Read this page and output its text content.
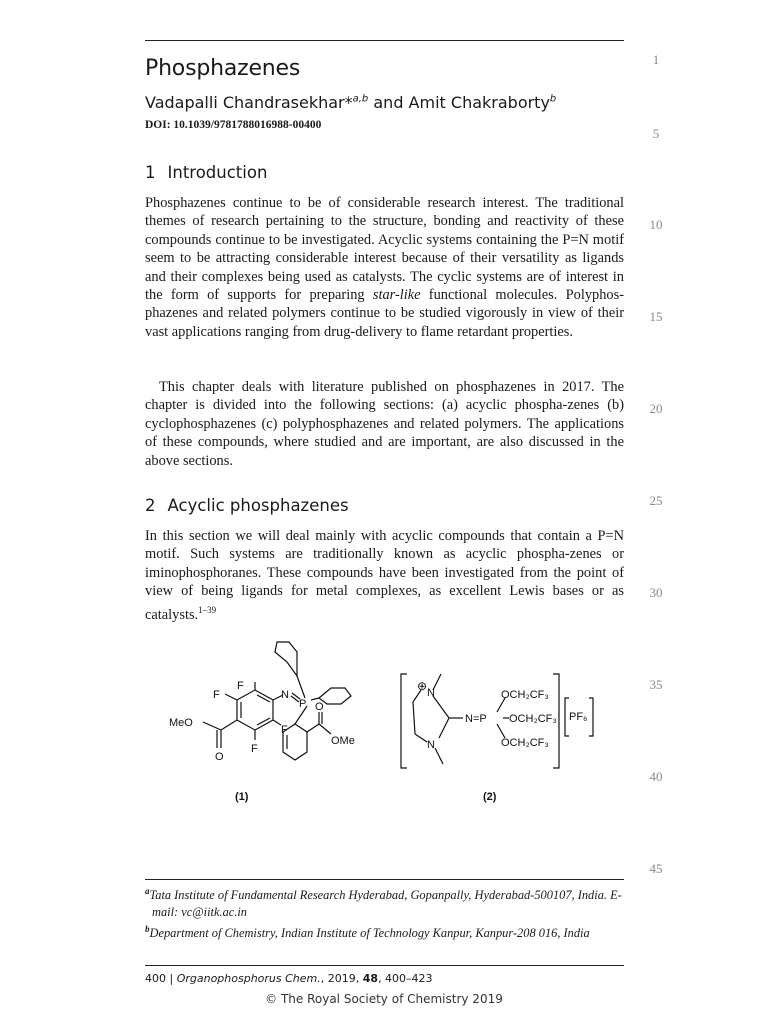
1
5
10
15
20
25
30
35
40
45
Phosphazenes
Vadapalli Chandrasekhar*$^{a,b}$ and Amit Chakraborty$^b$
DOI: 10.1039/9781788016988-00400
1 Introduction

Phosphazenes continue to be of considerable research interest. The traditional themes of research pertaining to the structure, bonding and reactivity of these compounds continue to be investigated. Acyclic systems containing the P=N motif seem to be attracting considerable interest because of their versatility as ligands and their complexes being used as catalysts. The cyclic systems are of interest in the form of supports for preparing star-like functional molecules. Polyphos-phazenes and related polymers continue to be studied vigorously in view of their vast applications ranging from drug-delivery to flame retardant properties.

This chapter deals with literature published on phosphazenes in 2017. The chapter is divided into the following sections: (a) acyclic phospha-zenes (b) cyclophosphazenes (c) polyphosphazenes and related polymers. The applications of these compounds, where studied and are important, are also discussed in the above sections.

2 Acyclic phosphazenes

In this section we will deal mainly with acyclic compounds that contain a P=N motif. Such systems are traditionally known as acyclic phospha-zenes or iminophosphoranes. These compounds have been investigated from the point of view of being ligands for metal complexes, as excellent Lewis bases or as catalysts.$^{1-39}$

F
F
F
F
MeO
O
N
P O
OMe
(1)
⊕ N
N
N=P
OCH₂CF₃
OCH₂CF₃
OCH₂CF₃
PF₆
(2)

$^a$Tata Institute of Fundamental Research Hyderabad, Gopanpally, Hyderabad-500107, India. E-mail: vc@iitk.ac.in

$^b$Department of Chemistry, Indian Institute of Technology Kanpur, Kanpur-208 016, India

400 | Organophosphorus Chem., 2019, 48, 400–423
© The Royal Society of Chemistry 2019
